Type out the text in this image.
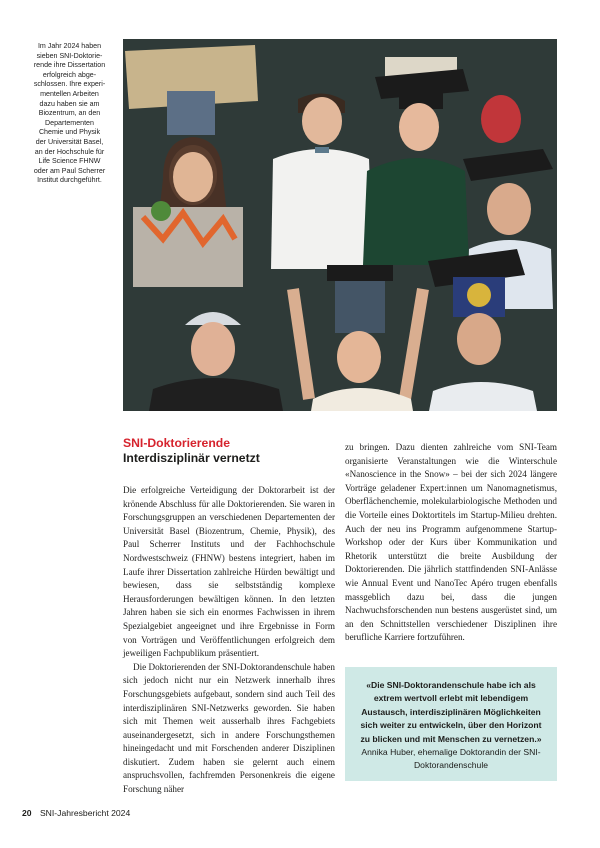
Im Jahr 2024 haben
sieben SNI-Doktorie-
rende ihre Dissertation
erfolgreich abge-
schlossen. Ihre experi-
mentellen Arbeiten
dazu haben sie am
Biozentrum, an den
Departementen
Chemie und Physik
der Universität Basel,
an der Hochschule für
Life Science FHNW
oder am Paul Scherrer
Institut durchgeführt.
SNI-Doktorierende
Interdisziplinär vernetzt

Die erfolgreiche Verteidigung der Doktorarbeit ist der krönende Abschluss für alle Doktorierenden. Sie waren in Forschungsgruppen an verschiedenen Departementen der Universität Basel (Biozentrum, Chemie, Physik), des Paul Scherrer Instituts und der Fachhochschule Nordwestschweiz (FHNW) bestens integriert, haben im Laufe ihrer Dissertation zahlreiche Hürden bewältigt und bewiesen, dass sie selbstständig komplexe Herausforderungen bewältigen können. In den letzten Jahren haben sie sich ein enormes Fachwissen in ihrem Spezialgebiet angeeignet und ihre Ergebnisse in Form von Vorträgen und Veröffentlichungen erfolgreich dem jeweiligen Fachpublikum präsentiert.

Die Doktorierenden der SNI-Doktorandenschule haben sich jedoch nicht nur ein Netzwerk innerhalb ihres Forschungsgebiets aufgebaut, sondern sind auch Teil des interdisziplinären SNI-Netzwerks geworden. Sie haben sich mit Themen weit ausserhalb ihres Fachgebiets auseinandergesetzt, sich in andere Forschungsthemen hineingedacht und mit Forschenden anderer Disziplinen diskutiert. Zudem haben sie gelernt auch einem anspruchsvollen, fachfremden Personenkreis die eigene Forschung näher

zu bringen. Dazu dienten zahlreiche vom SNI-Team organisierte Veranstaltungen wie die Winterschule «Nanoscience in the Snow» – bei der sich 2024 längere Vorträge geladener Expert:innen um Nanomagnetismus, Oberflächenchemie, molekularbiologische Methoden und die Vorteile eines Doktortitels im Startup-Milieu drehten. Auch der neu ins Programm aufgenommene Startup-Workshop oder der Kurs über Kommunikation und Rhetorik unterstützt die breite Ausbildung der Doktorierenden. Die jährlich stattfindenden SNI-Anlässe wie Annual Event und NanoTec Apéro trugen ebenfalls massgeblich dazu bei, dass die jungen Nachwuchsforschenden nun bestens ausgerüstet sind, um an den Schnittstellen verschiedener Disziplinen ihre berufliche Karriere fortzuführen.

«Die SNI-Doktorandenschule habe ich als extrem wertvoll erlebt mit lebendigem Austausch, interdisziplinären Möglichkeiten sich weiter zu entwickeln, über den Horizont zu blicken und mit Menschen zu vernetzen.»

Annika Huber, ehemalige Doktorandin der SNI-Doktorandenschule

20 SNI-Jahresbericht 2024
